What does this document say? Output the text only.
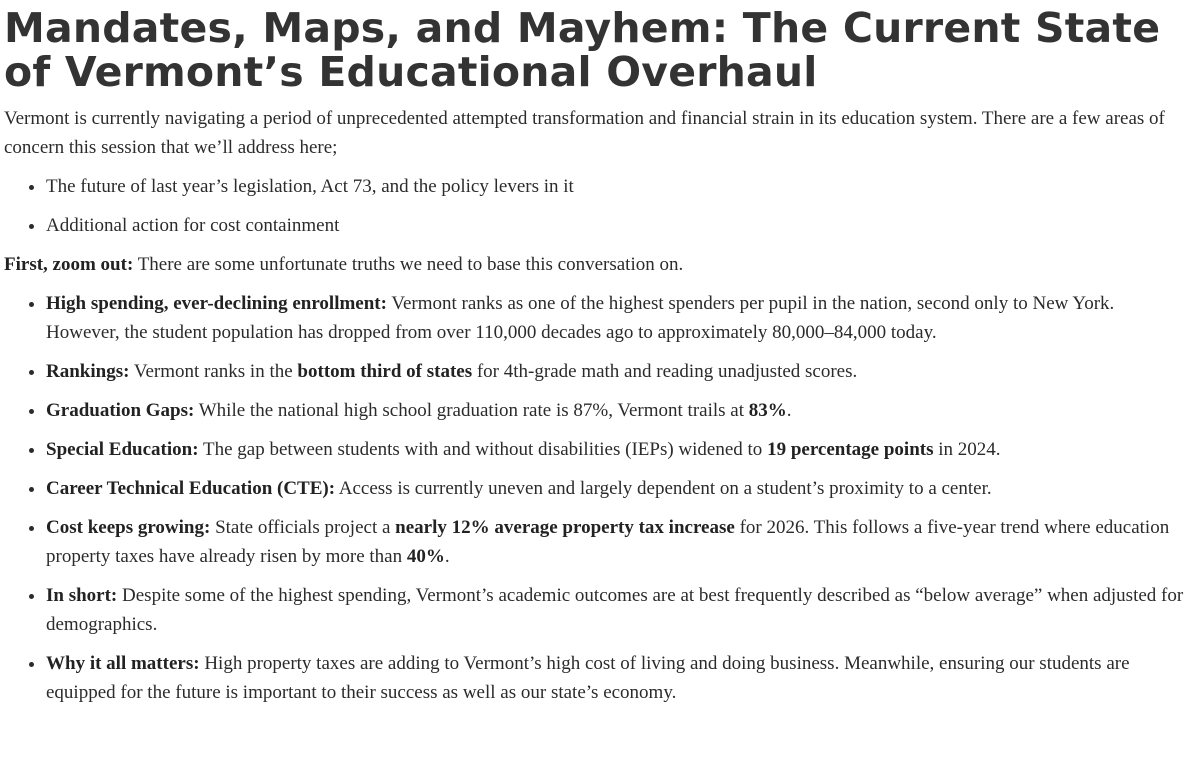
Mandates, Maps, and Mayhem: The Current State of Vermont’s Educational Overhaul

Vermont is currently navigating a period of unprecedented attempted transformation and financial strain in its education system. There are a few areas of concern this session that we’ll address here;

• The future of last year’s legislation, Act 73, and the policy levers in it
• Additional action for cost containment

First, zoom out: There are some unfortunate truths we need to base this conversation on.

• High spending, ever-declining enrollment: Vermont ranks as one of the highest spenders per pupil in the nation, second only to New York. However, the student population has dropped from over 110,000 decades ago to approximately 80,000–84,000 today.
• Rankings: Vermont ranks in the bottom third of states for 4th-grade math and reading unadjusted scores.
• Graduation Gaps: While the national high school graduation rate is 87%, Vermont trails at 83%.
• Special Education: The gap between students with and without disabilities (IEPs) widened to 19 percentage points in 2024.
• Career Technical Education (CTE): Access is currently uneven and largely dependent on a student’s proximity to a center.
• Cost keeps growing: State officials project a nearly 12% average property tax increase for 2026. This follows a five-year trend where education property taxes have already risen by more than 40%.
• In short: Despite some of the highest spending, Vermont’s academic outcomes are at best frequently described as “below average” when adjusted for demographics.
• Why it all matters: High property taxes are adding to Vermont’s high cost of living and doing business. Meanwhile, ensuring our students are equipped for the future is important to their success as well as our state’s economy.
